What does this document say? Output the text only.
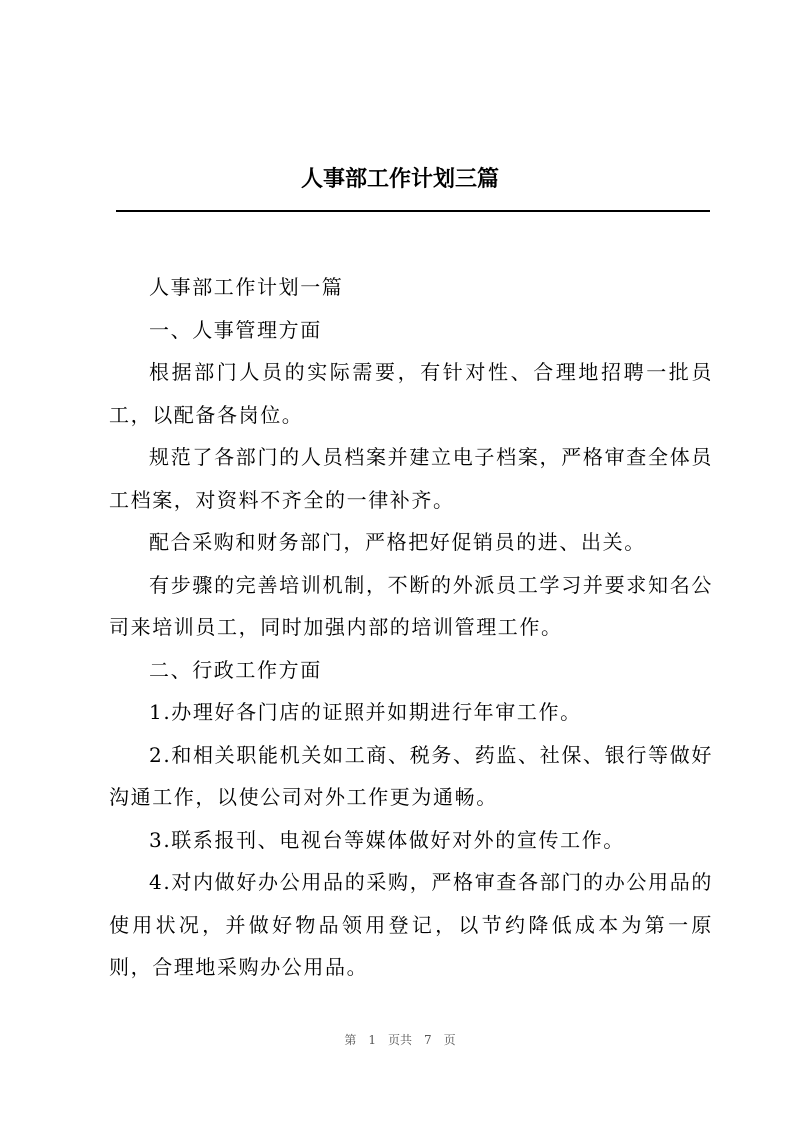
人事部工作计划三篇

人事部工作计划一篇

一、人事管理方面

根据部门人员的实际需要，有针对性、合理地招聘一批员工，以配备各岗位。

规范了各部门的人员档案并建立电子档案，严格审查全体员工档案，对资料不齐全的一律补齐。

配合采购和财务部门，严格把好促销员的进、出关。

有步骤的完善培训机制，不断的外派员工学习并要求知名公司来培训员工，同时加强内部的培训管理工作。

二、行政工作方面

1.办理好各门店的证照并如期进行年审工作。

2.和相关职能机关如工商、税务、药监、社保、银行等做好沟通工作，以使公司对外工作更为通畅。

3.联系报刊、电视台等媒体做好对外的宣传工作。

4.对内做好办公用品的采购，严格审查各部门的办公用品的使用状况，并做好物品领用登记，以节约降低成本为第一原则，合理地采购办公用品。

第 1 页共 7 页
